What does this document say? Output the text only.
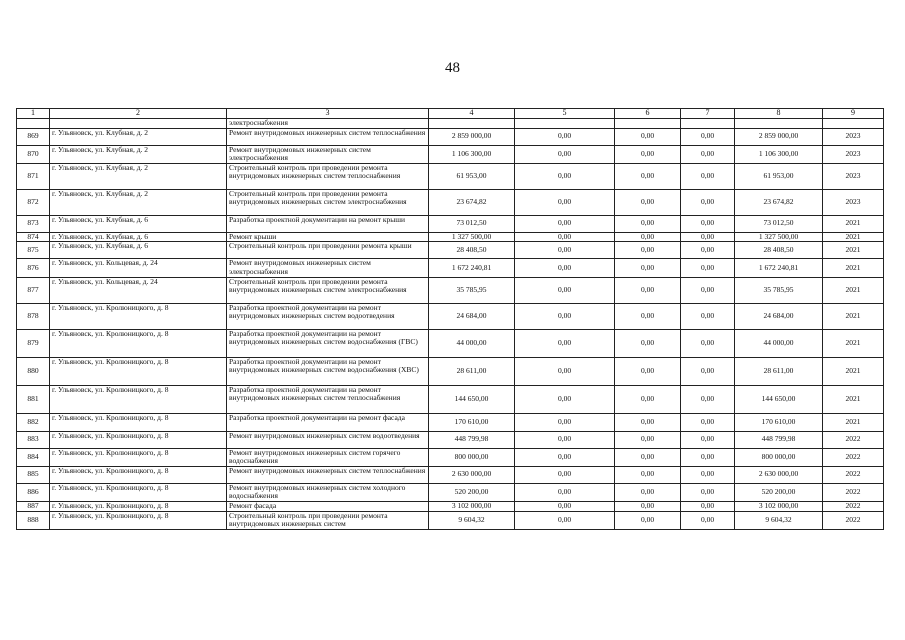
48
1	2	3	4	5	6	7	8	9
		электроснабжения						
869	г. Ульяновск, ул. Клубная, д. 2	Ремонт внутридомовых инженерных систем теплоснабжения	2 859 000,00	0,00	0,00	0,00	2 859 000,00	2023
870	г. Ульяновск, ул. Клубная, д. 2	Ремонт внутридомовых инженерных систем электроснабжения	1 106 300,00	0,00	0,00	0,00	1 106 300,00	2023
871	г. Ульяновск, ул. Клубная, д. 2	Строительный контроль при проведении ремонта внутридомовых инженерных систем теплоснабжения	61 953,00	0,00	0,00	0,00	61 953,00	2023
872	г. Ульяновск, ул. Клубная, д. 2	Строительный контроль при проведении ремонта внутридомовых инженерных систем электроснабжения	23 674,82	0,00	0,00	0,00	23 674,82	2023
873	г. Ульяновск, ул. Клубная, д. 6	Разработка проектной документации на ремонт крыши	73 012,50	0,00	0,00	0,00	73 012,50	2021
874	г. Ульяновск, ул. Клубная, д. 6	Ремонт крыши	1 327 500,00	0,00	0,00	0,00	1 327 500,00	2021
875	г. Ульяновск, ул. Клубная, д. 6	Строительный контроль при проведении ремонта крыши	28 408,50	0,00	0,00	0,00	28 408,50	2021
876	г. Ульяновск, ул. Кольцевая, д. 24	Ремонт внутридомовых инженерных систем электроснабжения	1 672 240,81	0,00	0,00	0,00	1 672 240,81	2021
877	г. Ульяновск, ул. Кольцевая, д. 24	Строительный контроль при проведении ремонта внутридомовых инженерных систем электроснабжения	35 785,95	0,00	0,00	0,00	35 785,95	2021
878	г. Ульяновск, ул. Кролюницкого, д. 8	Разработка проектной документации на ремонт внутридомовых инженерных систем водоотведения	24 684,00	0,00	0,00	0,00	24 684,00	2021
879	г. Ульяновск, ул. Кролюницкого, д. 8	Разработка проектной документации на ремонт внутридомовых инженерных систем водоснабжения (ГВС)	44 000,00	0,00	0,00	0,00	44 000,00	2021
880	г. Ульяновск, ул. Кролюницкого, д. 8	Разработка проектной документации на ремонт внутридомовых инженерных систем водоснабжения (ХВС)	28 611,00	0,00	0,00	0,00	28 611,00	2021
881	г. Ульяновск, ул. Кролюницкого, д. 8	Разработка проектной документации на ремонт внутридомовых инженерных систем теплоснабжения	144 650,00	0,00	0,00	0,00	144 650,00	2021
882	г. Ульяновск, ул. Кролюницкого, д. 8	Разработка проектной документации на ремонт фасада	170 610,00	0,00	0,00	0,00	170 610,00	2021
883	г. Ульяновск, ул. Кролюницкого, д. 8	Ремонт внутридомовых инженерных систем водоотведения	448 799,98	0,00	0,00	0,00	448 799,98	2022
884	г. Ульяновск, ул. Кролюницкого, д. 8	Ремонт внутридомовых инженерных систем горячего водоснабжения	800 000,00	0,00	0,00	0,00	800 000,00	2022
885	г. Ульяновск, ул. Кролюницкого, д. 8	Ремонт внутридомовых инженерных систем теплоснабжения	2 630 000,00	0,00	0,00	0,00	2 630 000,00	2022
886	г. Ульяновск, ул. Кролюницкого, д. 8	Ремонт внутридомовых инженерных систем холодного водоснабжения	520 200,00	0,00	0,00	0,00	520 200,00	2022
887	г. Ульяновск, ул. Кролюницкого, д. 8	Ремонт фасада	3 102 000,00	0,00	0,00	0,00	3 102 000,00	2022
888	г. Ульяновск, ул. Кролюницкого, д. 8	Строительный контроль при проведении ремонта внутридомовых инженерных систем	9 604,32	0,00	0,00	0,00	9 604,32	2022
